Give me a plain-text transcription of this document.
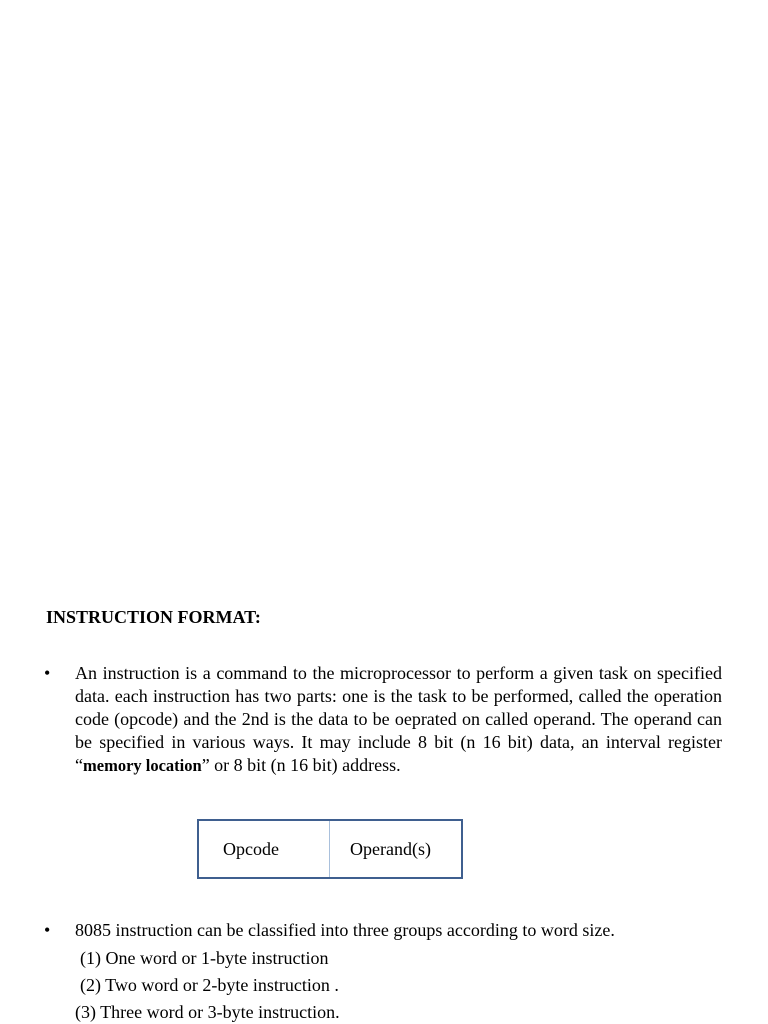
INSTRUCTION FORMAT:
• An instruction is a command to the microprocessor to perform a given task on specified data. each instruction has two parts: one is the task to be performed, called the operation code (opcode) and the 2nd is the data to be oeprated on called operand. The operand can be specified in various ways. It may include 8 bit (n 16 bit) data, an interval register “memory location” or 8 bit (n 16 bit) address.
Opcode	Operand(s)
• 8085 instruction can be classified into three groups according to word size.
(1) One word or 1-byte instruction
(2) Two word or 2-byte instruction .
(3) Three word or 3-byte instruction.
